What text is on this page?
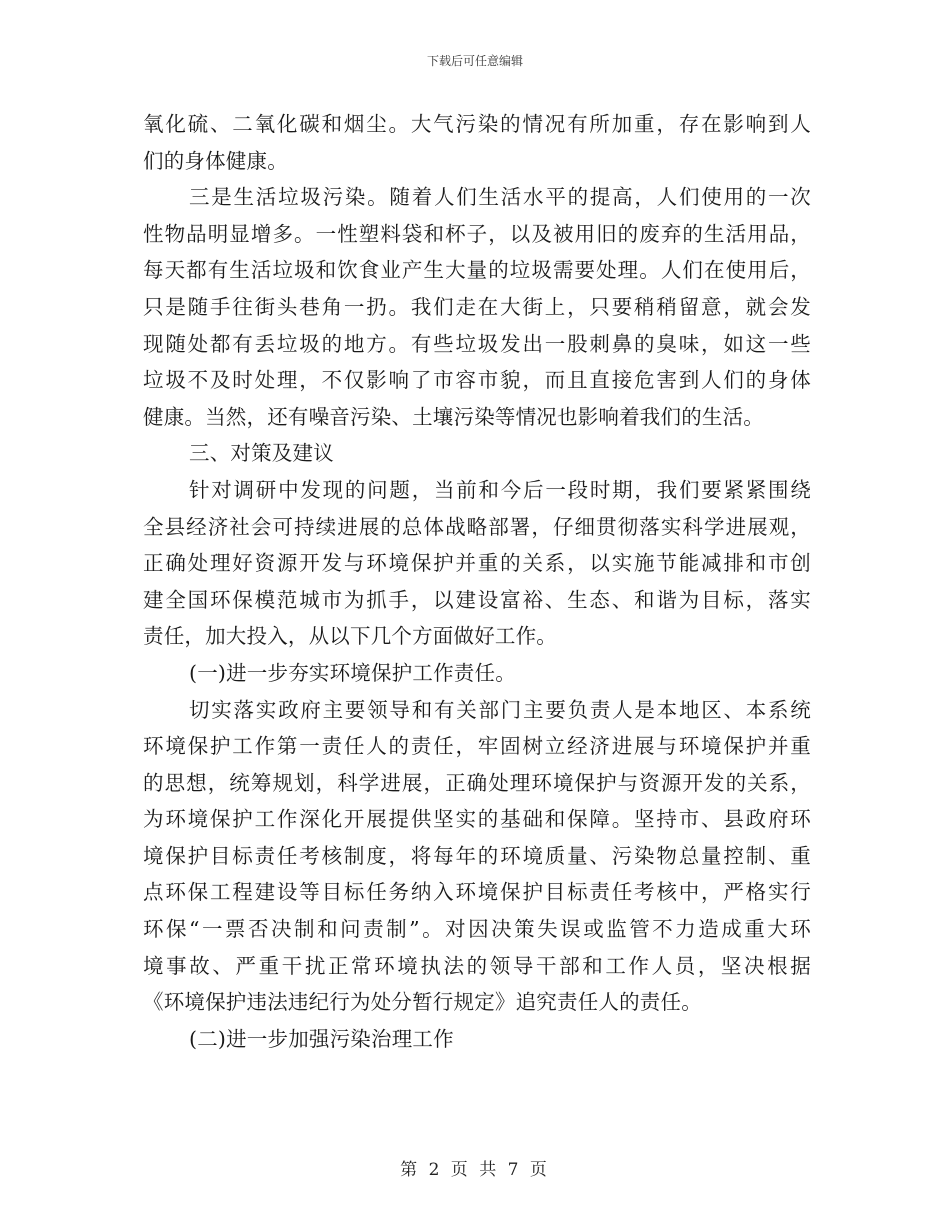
下载后可任意编辑
氧化硫、二氧化碳和烟尘。大气污染的情况有所加重，存在影响到人
们的身体健康。
三是生活垃圾污染。随着人们生活水平的提高，人们使用的一次
性物品明显增多。一性塑料袋和杯子，以及被用旧的废弃的生活用品，
每天都有生活垃圾和饮食业产生大量的垃圾需要处理。人们在使用后，
只是随手往街头巷角一扔。我们走在大街上，只要稍稍留意，就会发
现随处都有丢垃圾的地方。有些垃圾发出一股刺鼻的臭味，如这一些
垃圾不及时处理，不仅影响了市容市貌，而且直接危害到人们的身体
健康。当然，还有噪音污染、土壤污染等情况也影响着我们的生活。
三、对策及建议
针对调研中发现的问题，当前和今后一段时期，我们要紧紧围绕
全县经济社会可持续进展的总体战略部署，仔细贯彻落实科学进展观，
正确处理好资源开发与环境保护并重的关系，以实施节能减排和市创
建全国环保模范城市为抓手，以建设富裕、生态、和谐为目标，落实
责任，加大投入，从以下几个方面做好工作。
(一)进一步夯实环境保护工作责任。
切实落实政府主要领导和有关部门主要负责人是本地区、本系统
环境保护工作第一责任人的责任，牢固树立经济进展与环境保护并重
的思想，统筹规划，科学进展，正确处理环境保护与资源开发的关系，
为环境保护工作深化开展提供坚实的基础和保障。坚持市、县政府环
境保护目标责任考核制度，将每年的环境质量、污染物总量控制、重
点环保工程建设等目标任务纳入环境保护目标责任考核中，严格实行
环保“一票否决制和问责制”。对因决策失误或监管不力造成重大环
境事故、严重干扰正常环境执法的领导干部和工作人员，坚决根据
《环境保护违法违纪行为处分暂行规定》追究责任人的责任。
(二)进一步加强污染治理工作
第 2 页 共 7 页
